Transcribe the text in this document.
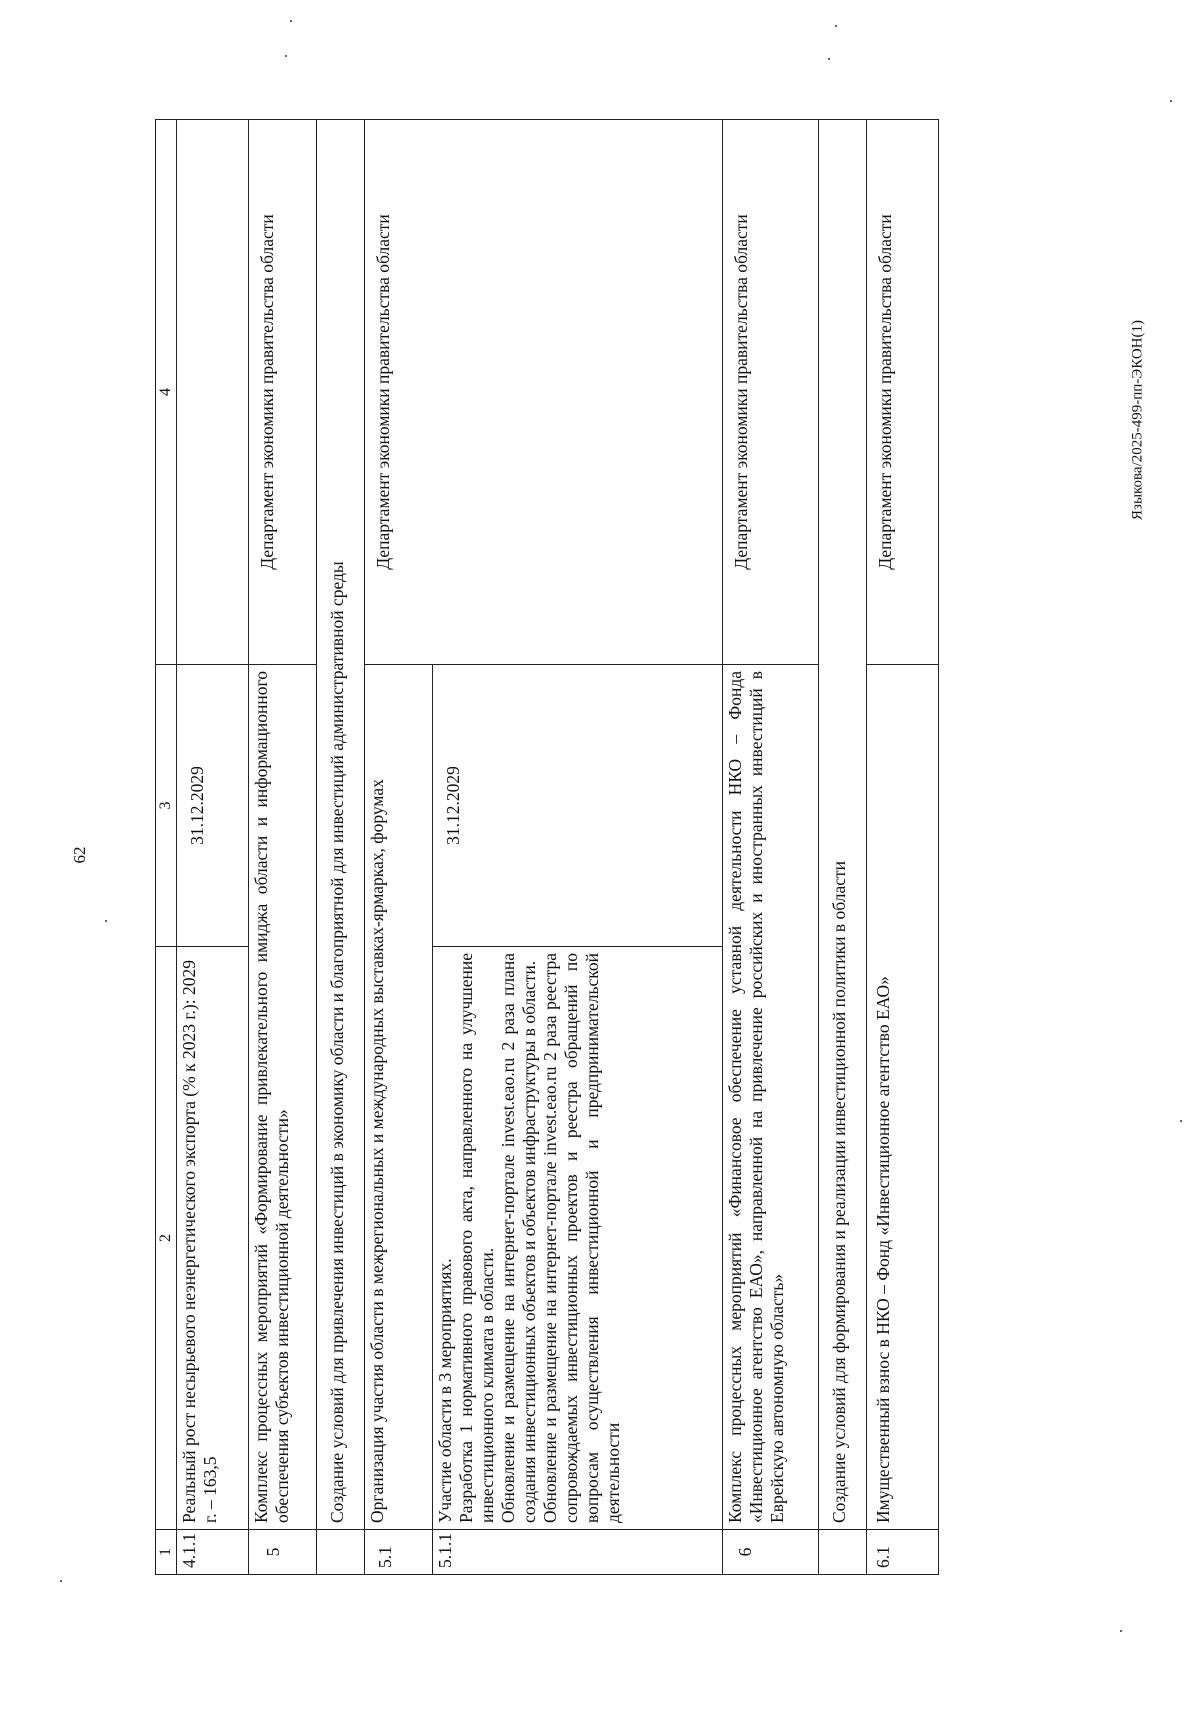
62
Языкова/2025-499-пп-ЭКОН(1)
1	2	3	4
4.1.1	Реальный рост несырьевого неэнергетического экспорта (% к 2023 г.): 2029 г. – 163,5	31.12.2029	
5	Комплекс процессных мероприятий «Формирование привлекательного имиджа области и информационного обеспечения субъектов инвестиционной деятельности»		Департамент экономики правительства области
	Создание условий для привлечения инвестиций в экономику области и благоприятной для инвестиций административной среды		
5.1	Организация участия области в межрегиональных и международных выставках-ярмарках, форумах		Департамент экономики правительства области
5.1.1	Участие области в 3 мероприятиях. Разработка 1 нормативного правового акта, направленного на улучшение инвестиционного климата в области. Обновление и размещение на интернет-портале invest.eao.ru 2 раза плана создания инвестиционных объектов и объектов инфраструктуры в области. Обновление и размещение на интернет-портале invest.eao.ru 2 раза реестра сопровождаемых инвестиционных проектов и реестра обращений по вопросам осуществления инвестиционной и предпринимательской деятельности	31.12.2029	
6	Комплекс процессных мероприятий «Финансовое обеспечение уставной деятельности НКО – Фонда «Инвестиционное агентство ЕАО», направленной на привлечение российских и иностранных инвестиций в Еврейскую автономную область»		Департамент экономики правительства области
	Создание условий для формирования и реализации инвестиционной политики в области		
6.1	Имущественный взнос в НКО – Фонд «Инвестиционное агентство ЕАО»		Департамент экономики правительства области
